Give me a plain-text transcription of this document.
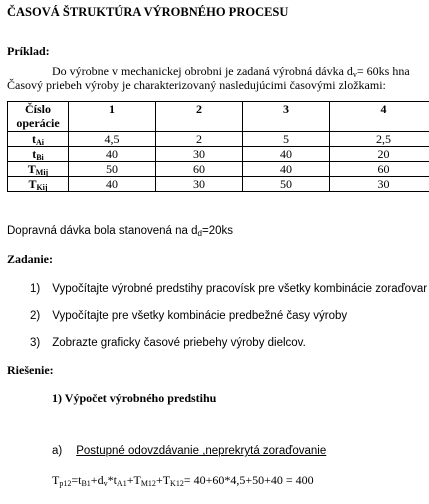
ČASOVÁ ŠTRUKTÚRA VÝROBNÉHO PROCESU
Príklad:
Do výrobne v mechanickej obrobni je zadaná výrobná dávka $d_v= 60ks$ hna
Časový priebeh výroby je charakterizovaný nasledujúcimi časovými zložkami:
Číslo
operácie	1	2	3	4
$t_{Ai}$	4,5	2	5	2,5
$t_{Bi}$	40	30	40	20
$T_{Mij}$	50	60	40	60
$T_{Kij}$	40	30	50	30
Dopravná dávka bola stanovená na $d_d=20ks$
Zadanie:
1) Vypočítajte výrobné predstihy pracovísk pre všetky kombinácie zoraďovar
2) Vypočítajte pre všetky kombinácie predbežné časy výroby
3) Zobrazte graficky časové priebehy výroby dielcov.
Riešenie:
1) Výpočet výrobného predstihu
a) Postupné odovzdávanie ,neprekrytá zoraďovanie
$T_{p12}=t_{B1}+d_v*t_{A1}+T_{M12}+T_{K12}= 40+60*4,5+50+40 = 400$
